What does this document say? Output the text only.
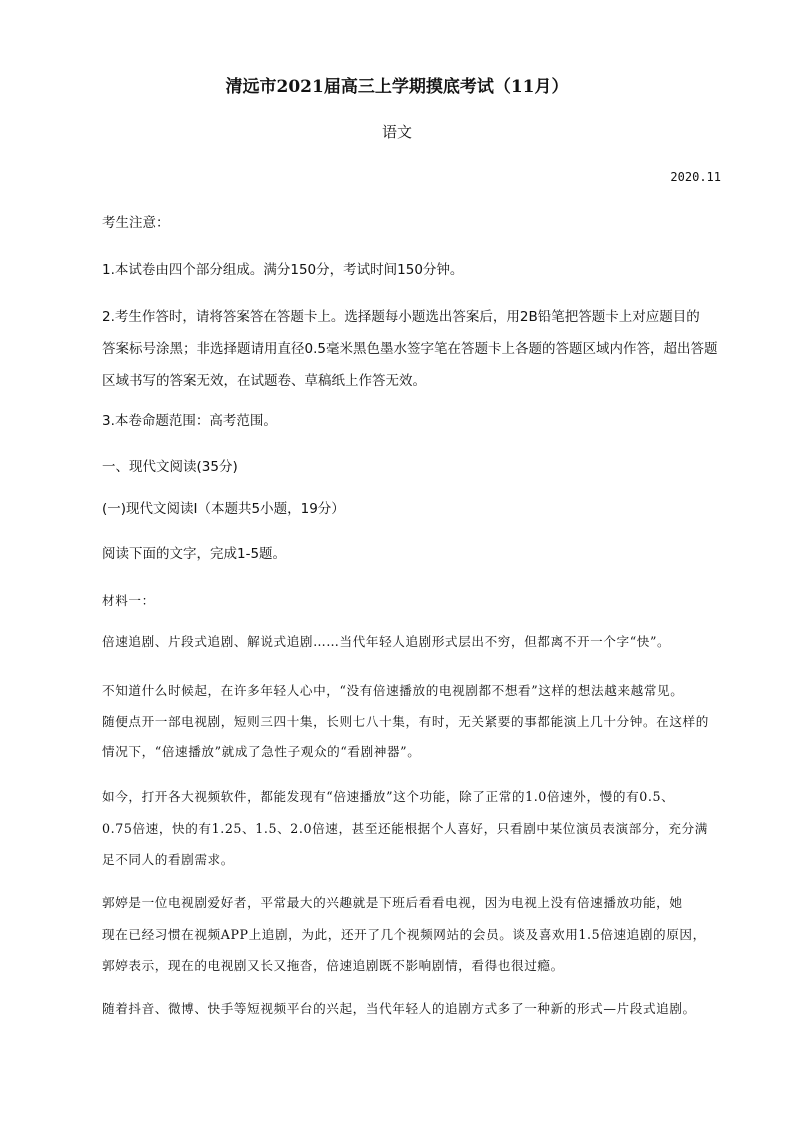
清远市2021届高三上学期摸底考试（11月）
语文
2020.11
考生注意：
1.本试卷由四个部分组成。满分150分，考试时间150分钟。
2.考生作答时，请将答案答在答题卡上。选择题每小题选出答案后，用2B铅笔把答题卡上对应题目的
答案标号涂黑；非选择题请用直径0.5毫米黑色墨水签字笔在答题卡上各题的答题区域内作答，超出答题
区域书写的答案无效，在试题卷、草稿纸上作答无效。
3.本卷命题范围：高考范围。
一、现代文阅读(35分)
(一)现代文阅读Ⅰ（本题共5小题，19分）
阅读下面的文字，完成1-5题。
材料一：
倍速追剧、片段式追剧、解说式追剧……当代年轻人追剧形式层出不穷，但都离不开一个字“快”。
不知道什么时候起，在许多年轻人心中，“没有倍速播放的电视剧都不想看”这样的想法越来越常见。
随便点开一部电视剧，短则三四十集，长则七八十集，有时，无关紧要的事都能演上几十分钟。在这样的
情况下，“倍速播放”就成了急性子观众的“看剧神器”。
如今，打开各大视频软件，都能发现有“倍速播放”这个功能，除了正常的1.0倍速外，慢的有0.5、
0.75倍速，快的有1.25、1.5、2.0倍速，甚至还能根据个人喜好，只看剧中某位演员表演部分，充分满
足不同人的看剧需求。
郭婷是一位电视剧爱好者，平常最大的兴趣就是下班后看看电视，因为电视上没有倍速播放功能，她
现在已经习惯在视频APP上追剧，为此，还开了几个视频网站的会员。谈及喜欢用1.5倍速追剧的原因，
郭婷表示，现在的电视剧又长又拖沓，倍速追剧既不影响剧情，看得也很过瘾。
随着抖音、微博、快手等短视频平台的兴起，当代年轻人的追剧方式多了一种新的形式—片段式追剧。
